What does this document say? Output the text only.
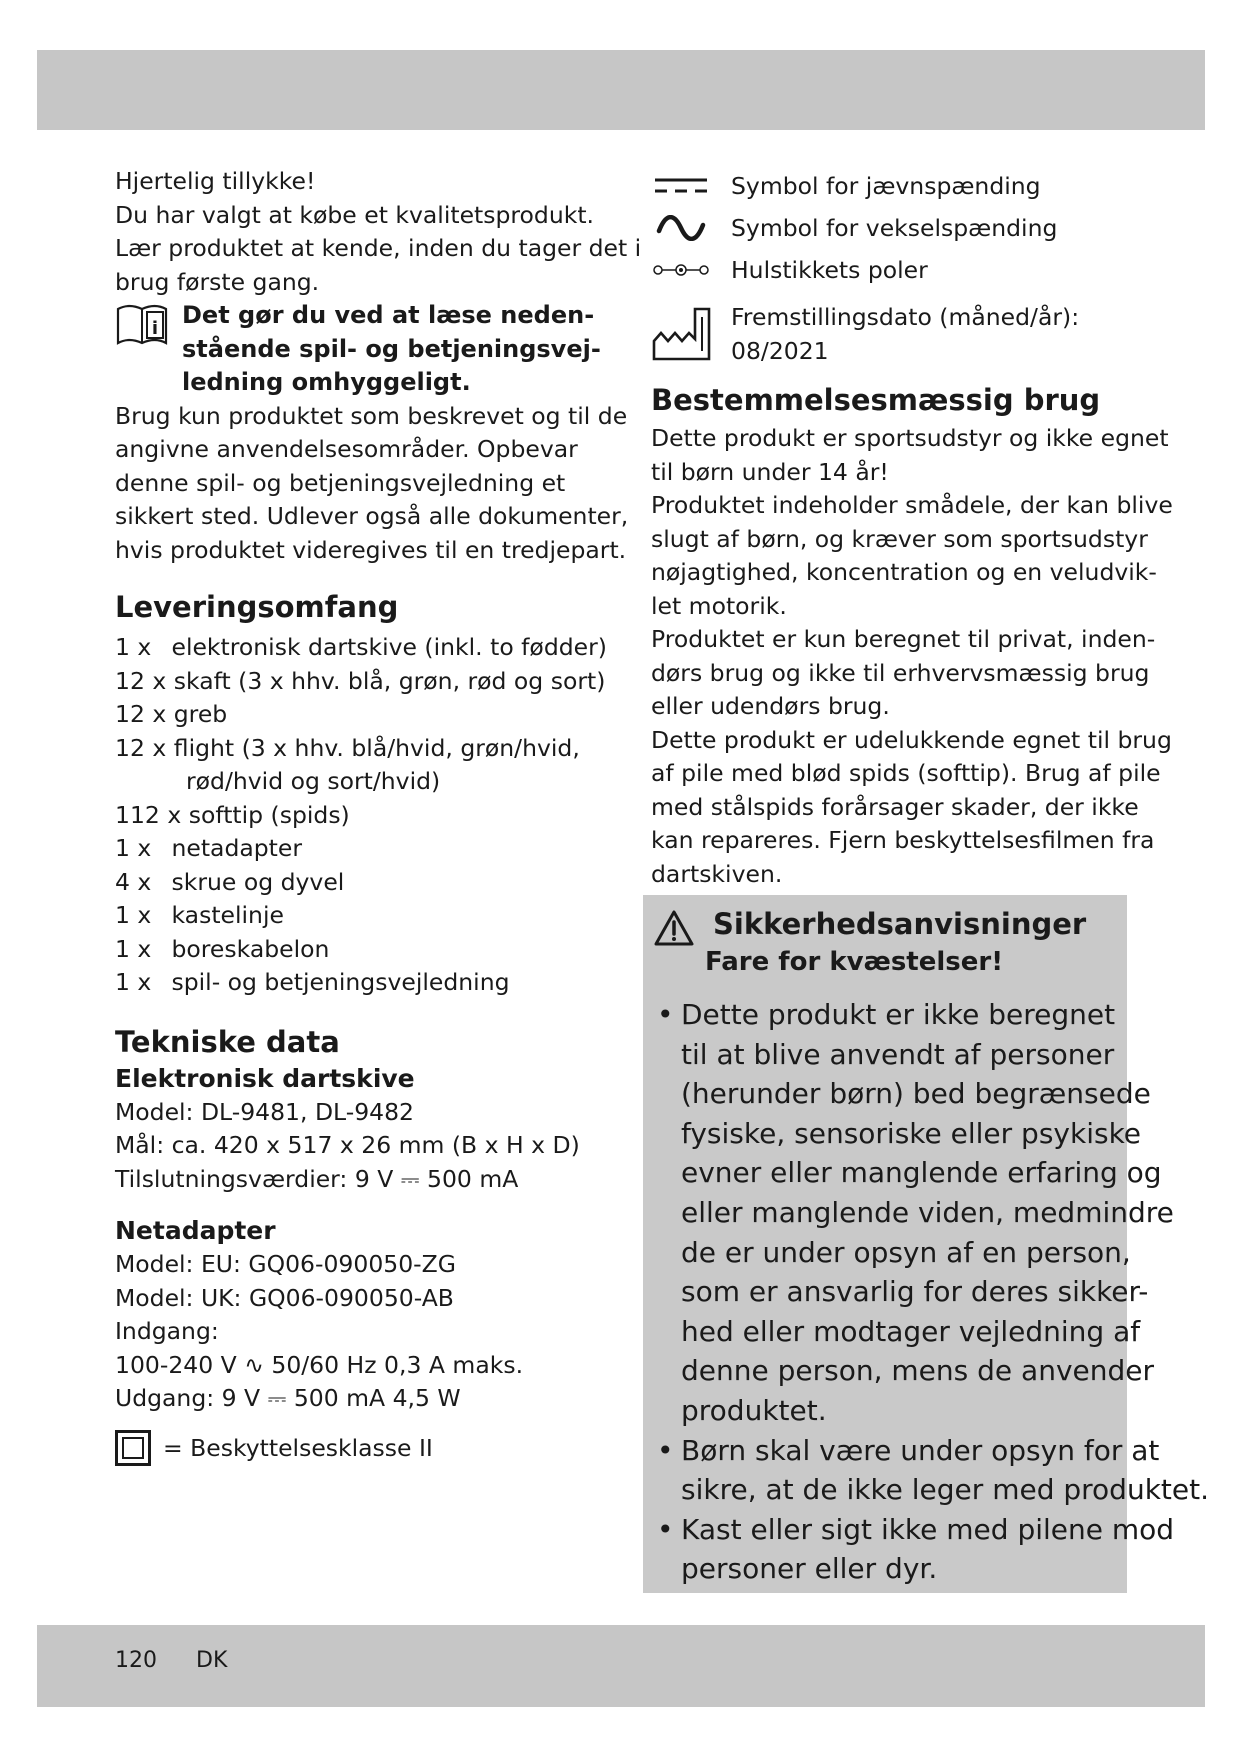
Hjertelig tillykke!

Du har valgt at købe et kvalitetsprodukt.

Lær produktet at kende, inden du tager det i

brug første gang.

i Det gør du ved at læse neden-

stående spil- og betjeningsvej-

ledning omhyggeligt.

Brug kun produktet som beskrevet og til de

angivne anvendelsesområder. Opbevar

denne spil- og betjeningsvejledning et

sikkert sted. Udlever også alle dokumenter,

hvis produktet videregives til en tredjepart.

Leveringsomfang
1 x elektronisk dartskive (inkl. to fødder)
12 x skaft (3 x hhv. blå, grøn, rød og sort)
12 x greb
12 x flight (3 x hhv. blå/hvid, grøn/hvid,
rød/hvid og sort/hvid)
112 x softtip (spids)
1 x netadapter
4 x skrue og dyvel
1 x kastelinje
1 x boreskabelon
1 x spil- og betjeningsvejledning
Tekniske data
Elektronisk dartskive

Model: DL-9481, DL-9482

Mål: ca. 420 x 517 x 26 mm (B x H x D)

Tilslutningsværdier: 9 V ⎓ 500 mA

Netadapter

Model: EU: GQ06-090050-ZG

Model: UK: GQ06-090050-AB

Indgang:

100-240 V ∿ 50/60 Hz 0,3 A maks.

Udgang: 9 V ⎓ 500 mA 4,5 W

= Beskyttelsesklasse II
Symbol for jævnspænding
Symbol for vekselspænding
Hulstikkets poler

Fremstillingsdato (måned/år):

08/2021

Bestemmelsesmæssig brug

Dette produkt er sportsudstyr og ikke egnet

til børn under 14 år!

Produktet indeholder smådele, der kan blive

slugt af børn, og kræver som sportsudstyr

nøjagtighed, koncentration og en veludvik-

let motorik.

Produktet er kun beregnet til privat, inden-

dørs brug og ikke til erhvervsmæssig brug

eller udendørs brug.

Dette produkt er udelukkende egnet til brug

af pile med blød spids (softtip). Brug af pile

med stålspids forårsager skader, der ikke

kan repareres. Fjern beskyttelsesfilmen fra

dartskiven.

Sikkerhedsanvisninger
Fare for kvæstelser!
• Dette produkt er ikke beregnet

til at blive anvendt af personer

(herunder børn) bed begrænsede

fysiske, sensoriske eller psykiske

evner eller manglende erfaring og

eller manglende viden, medmindre

de er under opsyn af en person,

som er ansvarlig for deres sikker-

hed eller modtager vejledning af

denne person, mens de anvender

produktet.

• Børn skal være under opsyn for at

sikre, at de ikke leger med produktet.

• Kast eller sigt ikke med pilene mod

personer eller dyr.

120 DK
